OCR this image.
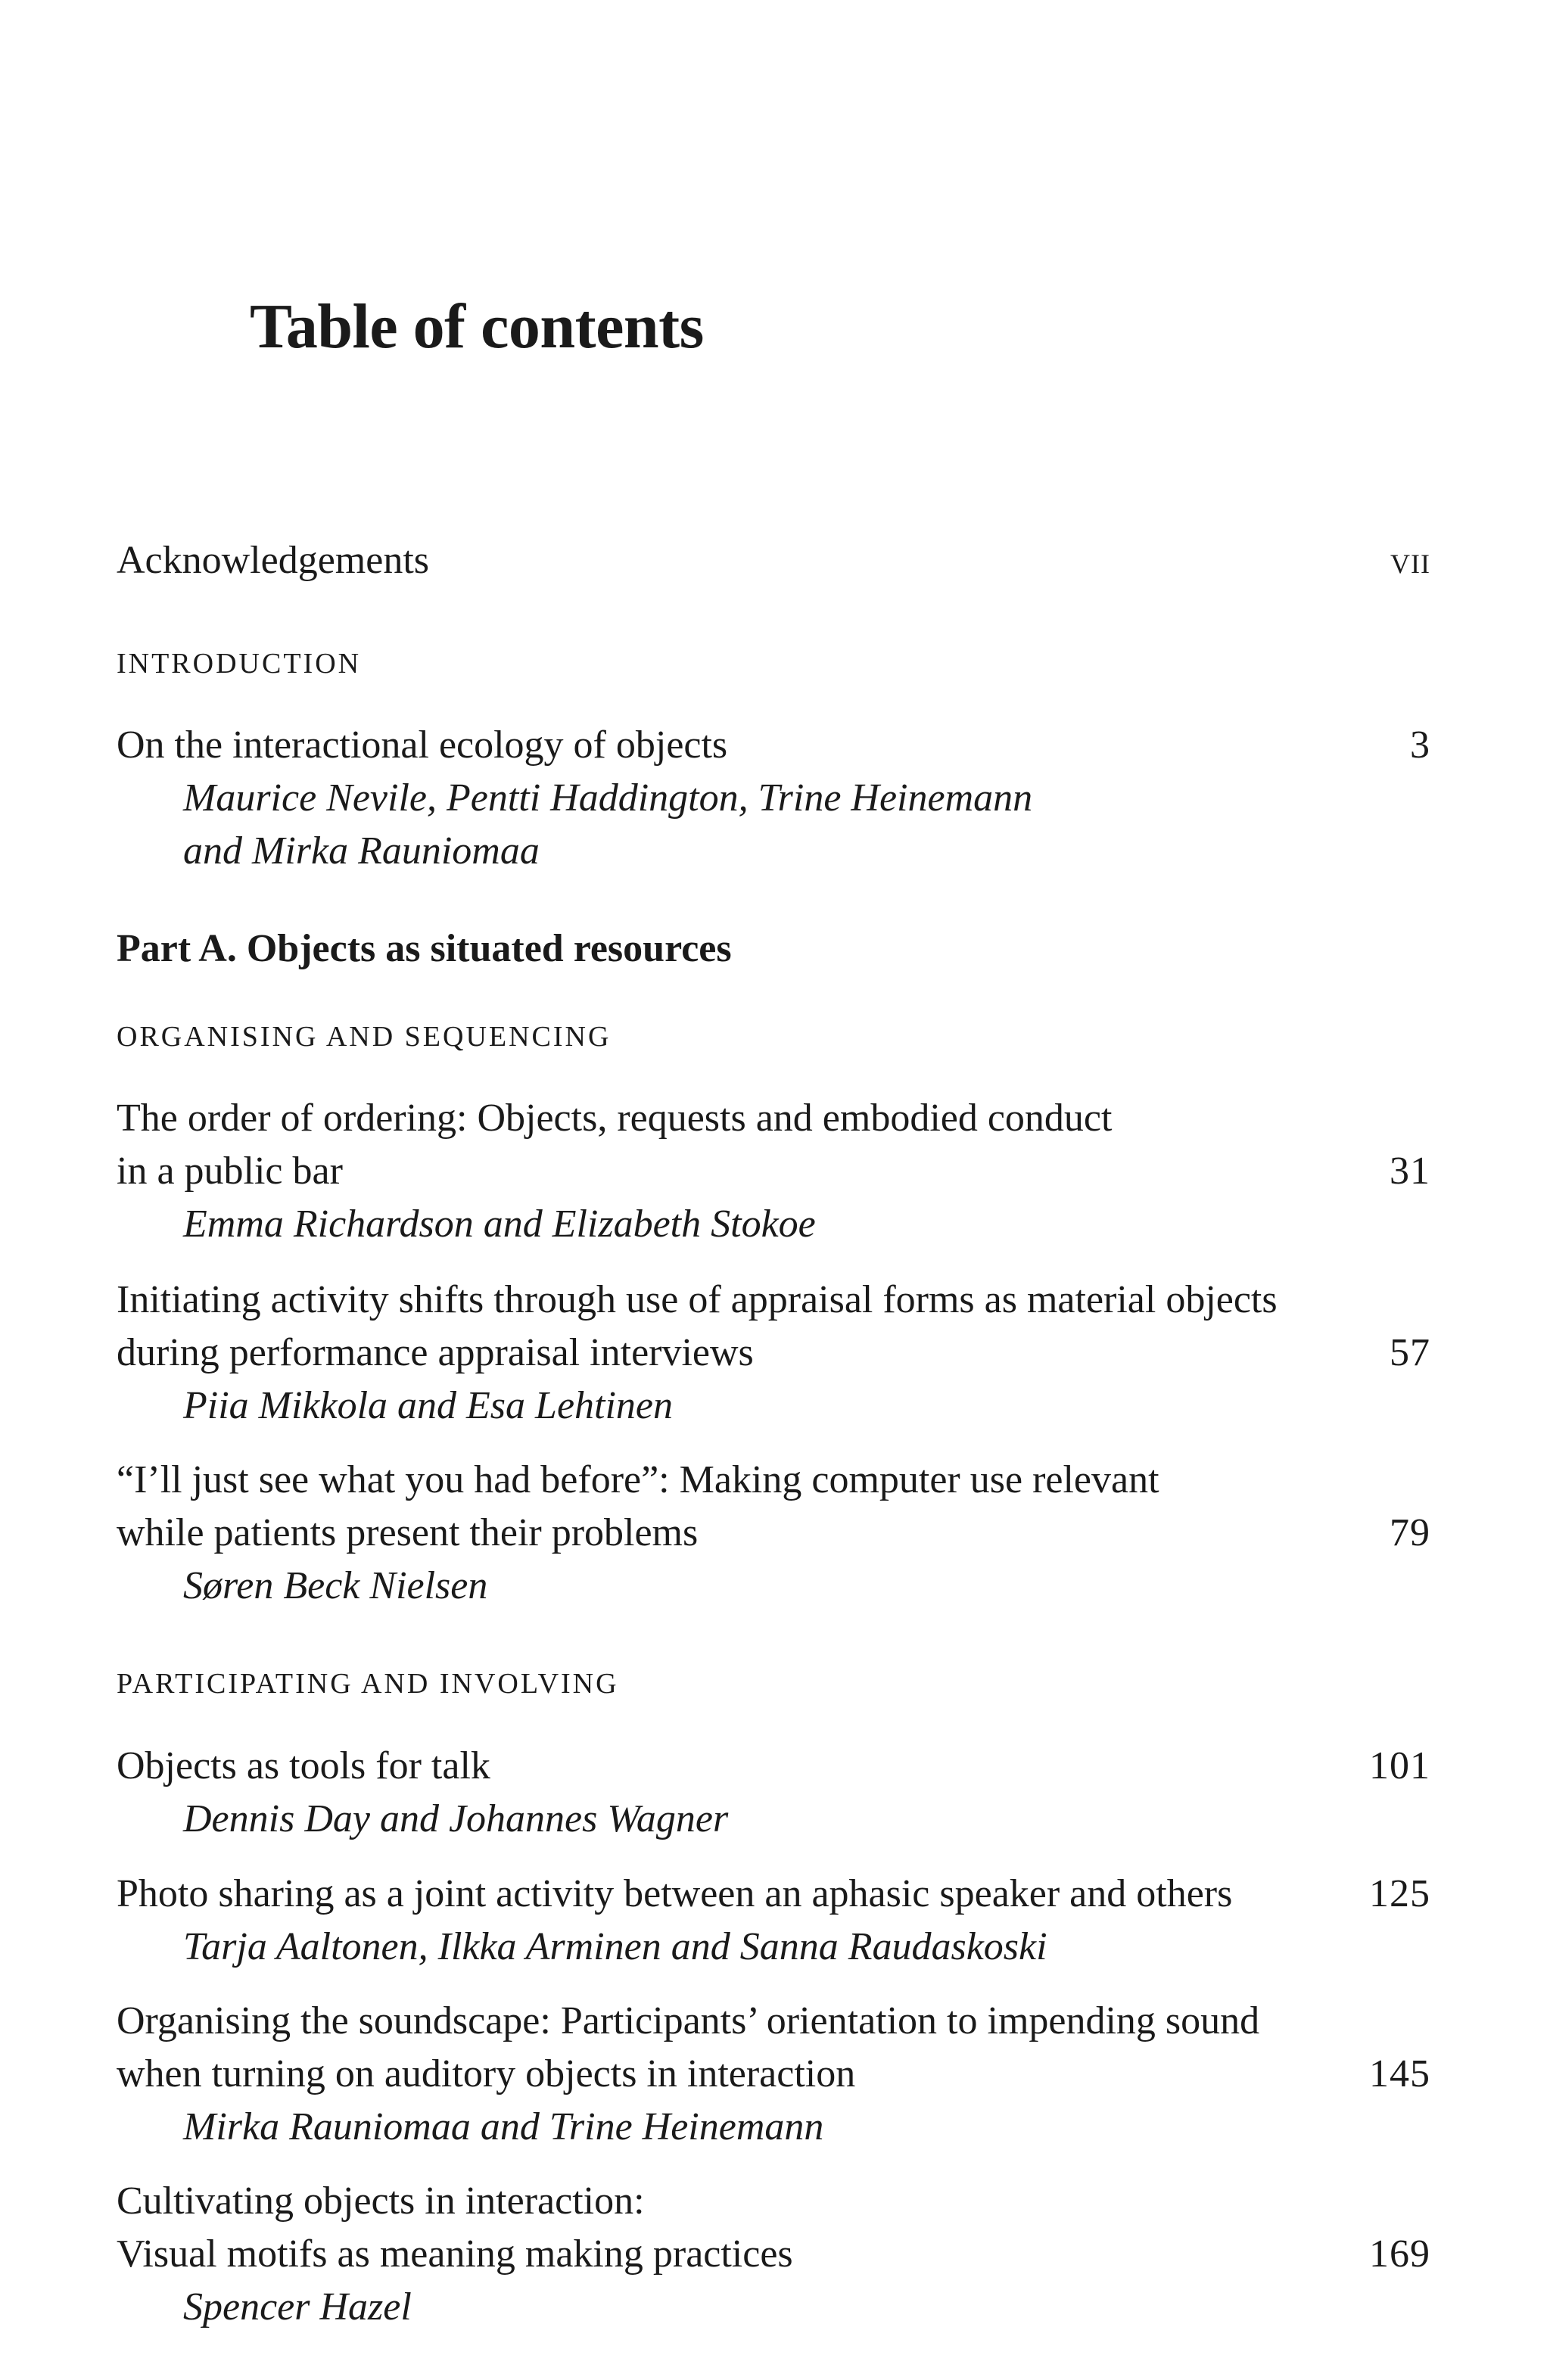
Table of contents
Acknowledgements	vii
INTRODUCTION
On the interactional ecology of objects	3
Maurice Nevile, Pentti Haddington, Trine Heinemann
and Mirka Rauniomaa
Part A. Objects as situated resources
ORGANISING AND SEQUENCING
The order of ordering: Objects, requests and embodied conduct
in a public bar	31
Emma Richardson and Elizabeth Stokoe
Initiating activity shifts through use of appraisal forms as material objects
during performance appraisal interviews	57
Piia Mikkola and Esa Lehtinen
“I’ll just see what you had before”: Making computer use relevant
while patients present their problems	79
Søren Beck Nielsen
PARTICIPATING AND INVOLVING
Objects as tools for talk	101
Dennis Day and Johannes Wagner
Photo sharing as a joint activity between an aphasic speaker and others	125
Tarja Aaltonen, Ilkka Arminen and Sanna Raudaskoski
Organising the soundscape: Participants’ orientation to impending sound
when turning on auditory objects in interaction	145
Mirka Rauniomaa and Trine Heinemann
Cultivating objects in interaction:
Visual motifs as meaning making practices	169
Spencer Hazel
